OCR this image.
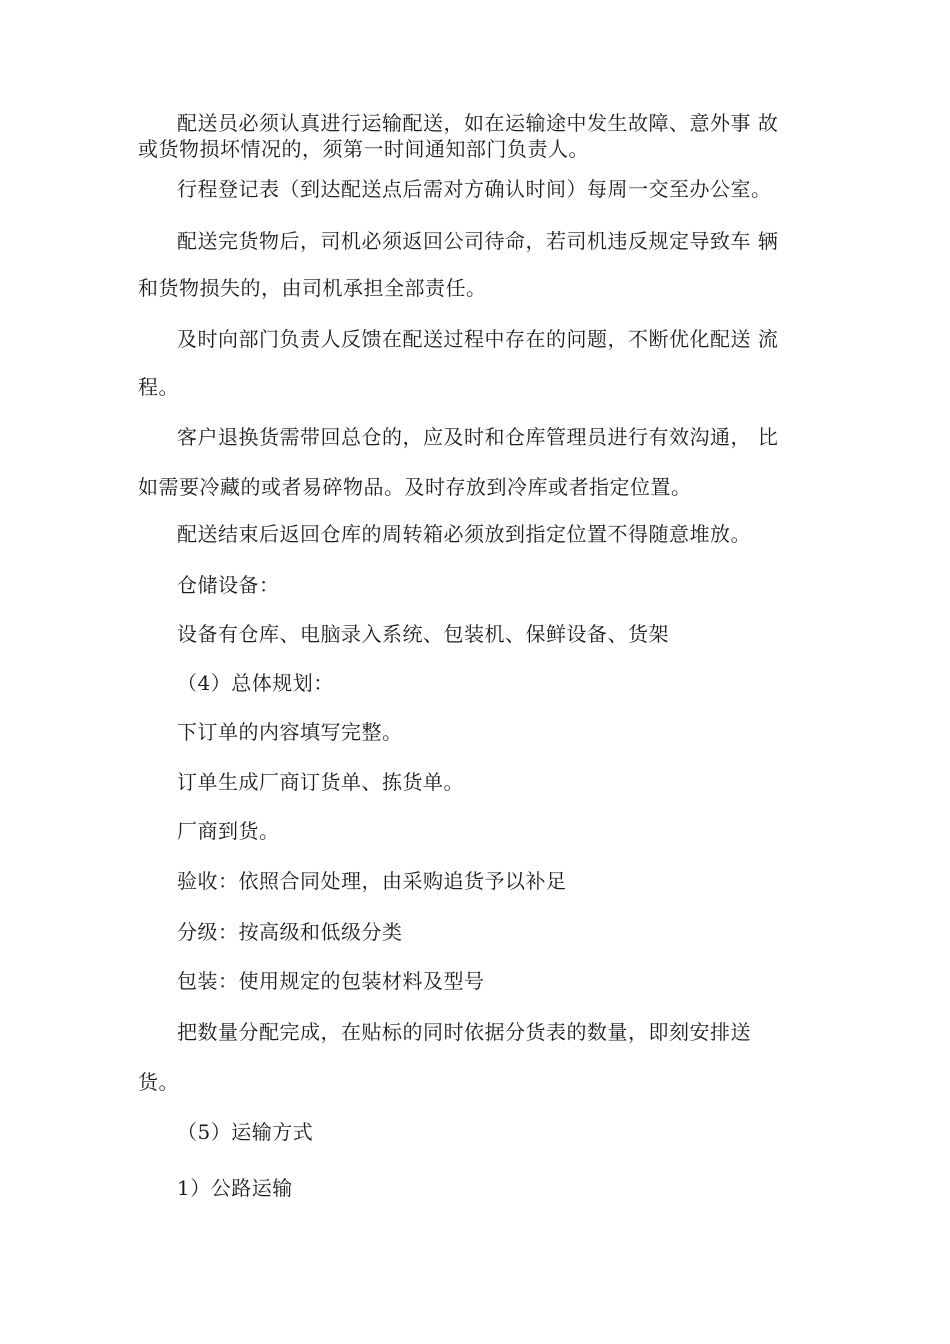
配送员必须认真进行运输配送，如在运输途中发生故障、意外事 故
或货物损坏情况的，须第一时间通知部门负责人。
行程登记表（到达配送点后需对方确认时间）每周一交至办公室。
配送完货物后，司机必须返回公司待命，若司机违反规定导致车 辆
和货物损失的，由司机承担全部责任。
及时向部门负责人反馈在配送过程中存在的问题，不断优化配送 流
程。
客户退换货需带回总仓的，应及时和仓库管理员进行有效沟通， 比
如需要冷藏的或者易碎物品。及时存放到冷库或者指定位置。
配送结束后返回仓库的周转箱必须放到指定位置不得随意堆放。
仓储设备：
设备有仓库、电脑录入系统、包装机、保鲜设备、货架
（4）总体规划：
下订单的内容填写完整。
订单生成厂商订货单、拣货单。
厂商到货。
验收：依照合同处理，由采购追货予以补足
分级：按高级和低级分类
包装：使用规定的包装材料及型号
把数量分配完成，在贴标的同时依据分货表的数量，即刻安排送
货。
（5）运输方式
1）公路运输
